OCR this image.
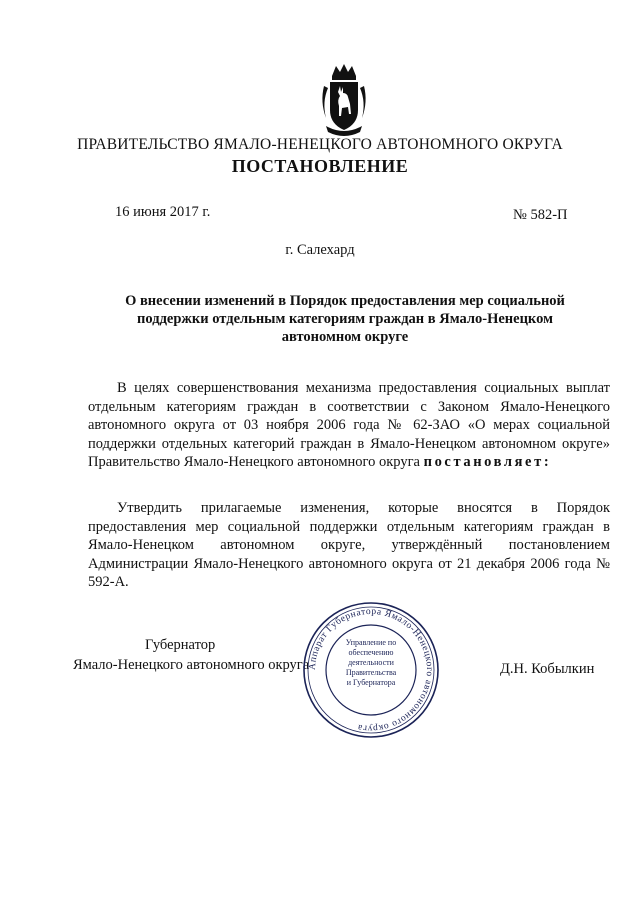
ПРАВИТЕЛЬСТВО ЯМАЛО-НЕНЕЦКОГО АВТОНОМНОГО ОКРУГА
ПОСТАНОВЛЕНИЕ
16 июня 2017 г.	№ 582-П
г. Салехард
О внесении изменений в Порядок предоставления мер социальной поддержки отдельным категориям граждан в Ямало-Ненецком автономном округе
В целях совершенствования механизма предоставления социальных выплат отдельным категориям граждан в соответствии с Законом Ямало-Ненецкого автономного округа от 03 ноября 2006 года № 62-ЗАО «О мерах социальной поддержки отдельных категорий граждан в Ямало-Ненецком автономном округе» Правительство Ямало-Ненецкого автономного округа постановляет:
Утвердить прилагаемые изменения, которые вносятся в Порядок предоставления мер социальной поддержки отдельным категориям граждан в Ямало-Ненецком автономном округе, утверждённый постановлением Администрации Ямало-Ненецкого автономного округа от 21 декабря 2006 года № 592-А.
Губернатор
Ямало-Ненецкого автономного округа	Д.Н. Кобылкин
Аппарат Губернатора Ямало-Ненецкого автономного округа
Управление по
обеспечению
деятельности
Правительства
и Губернатора
